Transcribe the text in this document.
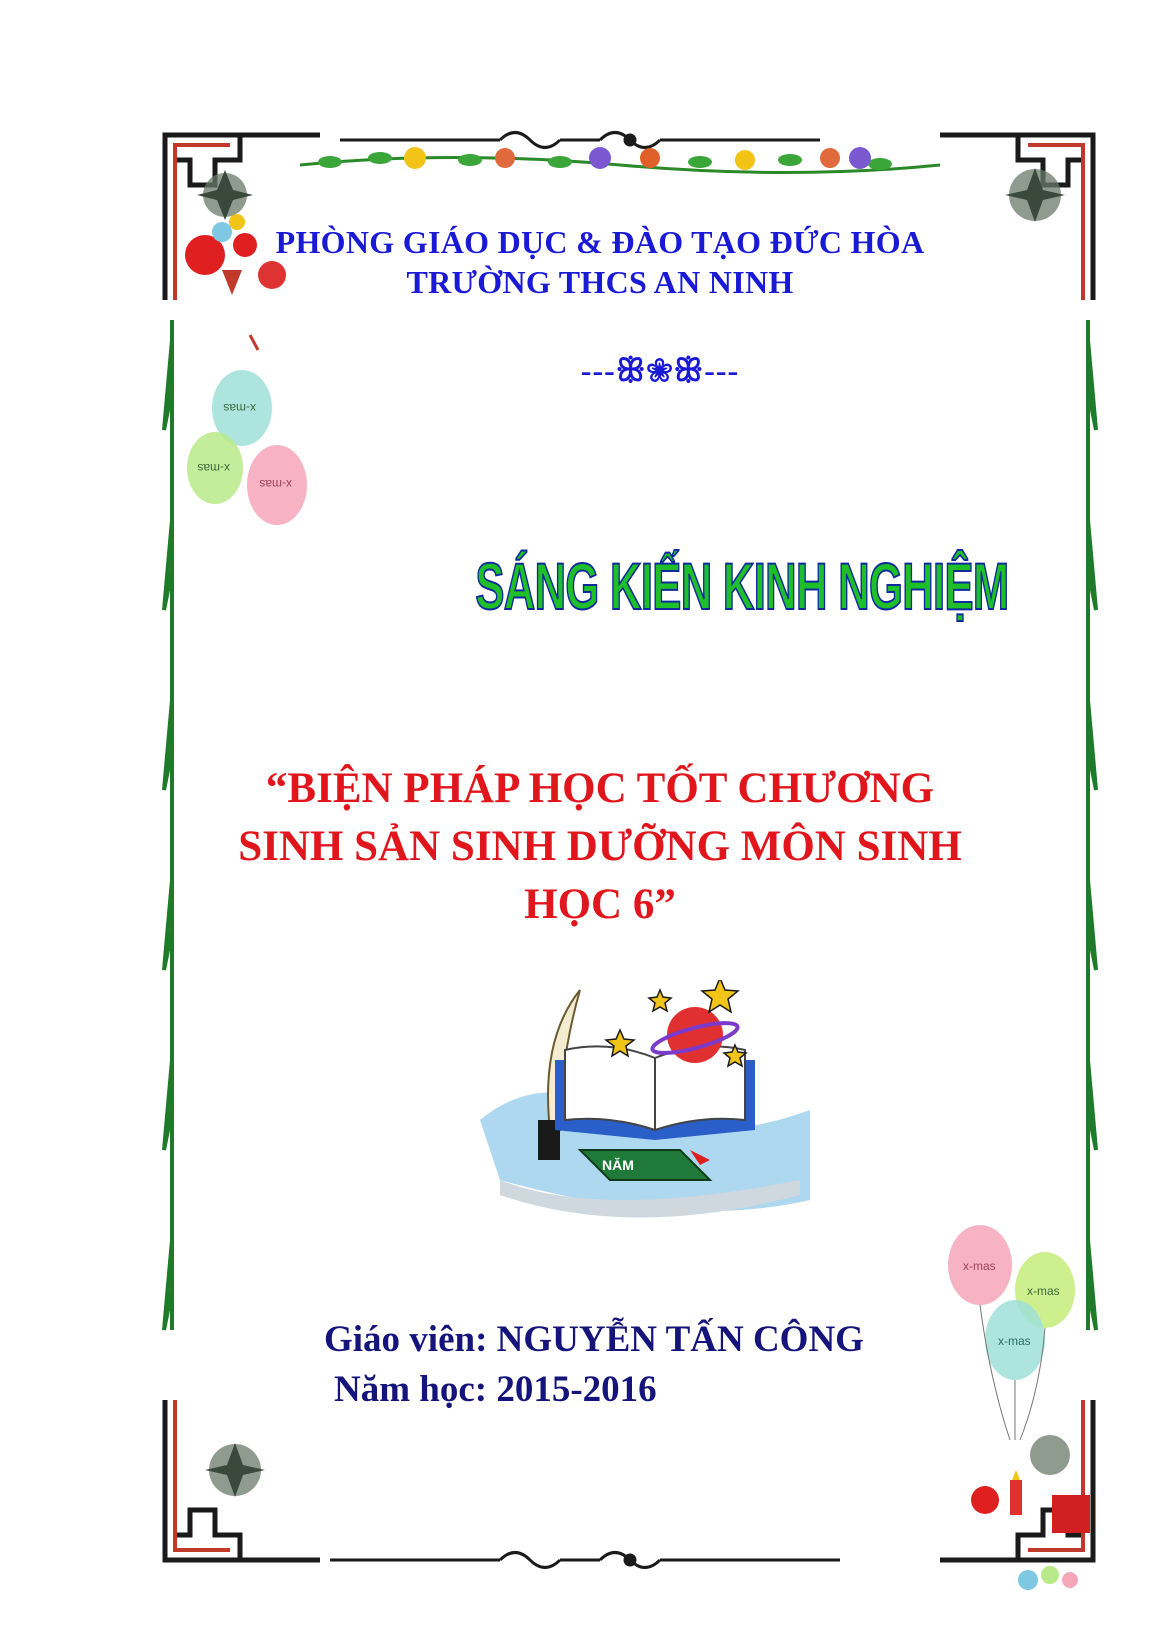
x-mas
x-mas
x-mas
x-mas
x-mas
x-mas
PHÒNG GIÁO DỤC & ĐÀO TẠO ĐỨC HÒA
TRƯỜNG THCS AN NINH
---ꕥ❀ꕥ---
SÁNG KIẾN KINH NGHIỆM
“BIỆN PHÁP HỌC TỐT CHƯƠNG
SINH SẢN SINH DƯỠNG MÔN SINH
HỌC 6”
NĂM
Giáo viên: NGUYỄN TẤN CÔNG
Năm học: 2015-2016
